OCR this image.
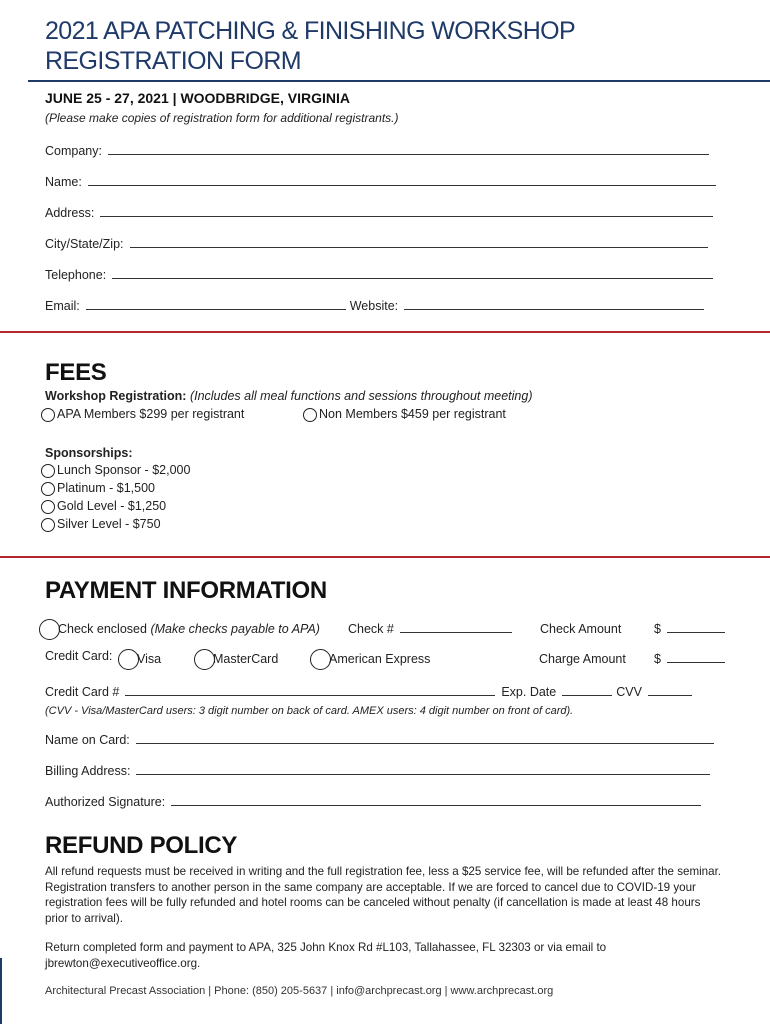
2021 APA PATCHING & FINISHING WORKSHOP
REGISTRATION FORM
JUNE 25 - 27, 2021 | WOODBRIDGE, VIRGINIA
(Please make copies of registration form for additional registrants.)
Company:
Name:
Address:
City/State/Zip:
Telephone:
Email:	Website:
FEES
Workshop Registration: (Includes all meal functions and sessions throughout meeting)
APA Members $299 per registrant	Non Members $459 per registrant
Sponsorships:
Lunch Sponsor - $2,000
Platinum - $1,500
Gold Level - $1,250
Silver Level - $750
PAYMENT INFORMATION
Check enclosed (Make checks payable to APA) Check #	Check Amount	$
Credit Card:	Visa	MasterCard	American Express	Charge Amount $
Credit Card #	Exp. Date	CVV
(CVV - Visa/MasterCard users: 3 digit number on back of card. AMEX users: 4 digit number on front of card).
Name on Card:
Billing Address:
Authorized Signature:
REFUND POLICY
All refund requests must be received in writing and the full registration fee, less a $25 service fee, will be refunded after the seminar. Registration transfers to another person in the same company are acceptable. If we are forced to cancel due to COVID-19 your registration fees will be fully refunded and hotel rooms can be canceled without penalty (if cancellation is made at least 48 hours prior to arrival).
Return completed form and payment to APA, 325 John Knox Rd #L103, Tallahassee, FL 32303 or via email to jbrewton@executiveoffice.org.
Architectural Precast Association | Phone: (850) 205-5637 | info@archprecast.org | www.archprecast.org
